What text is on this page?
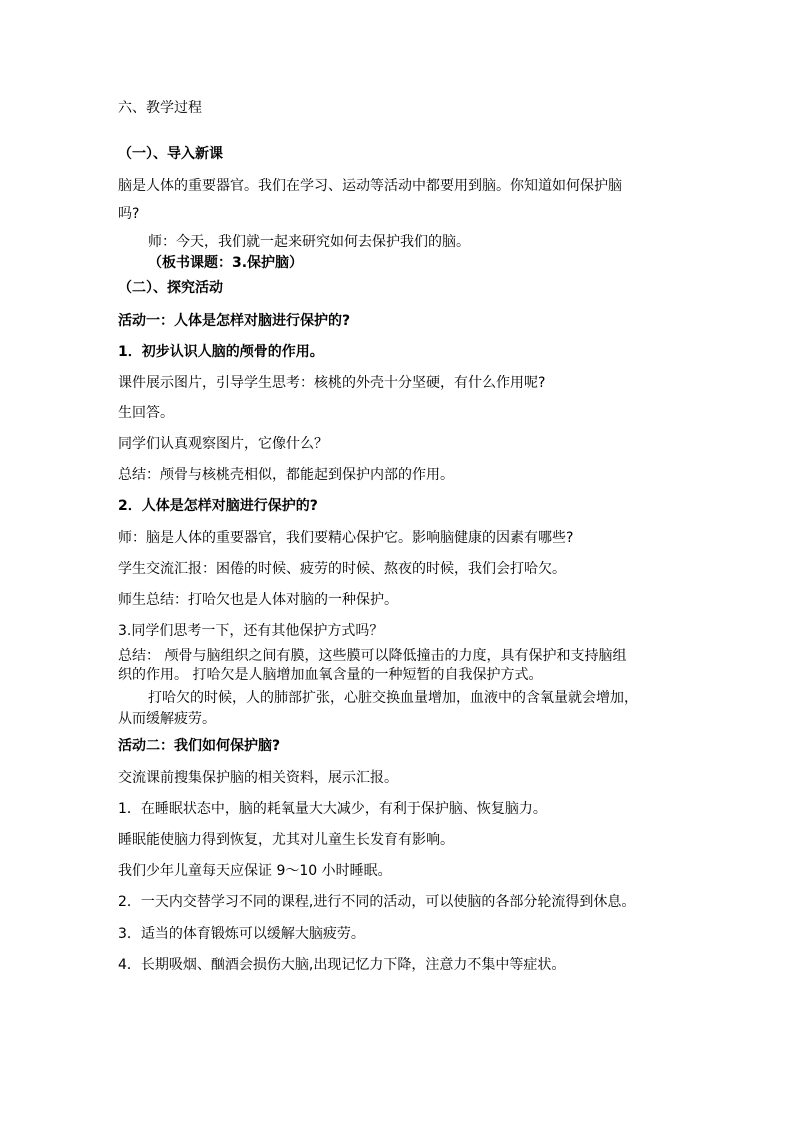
六、教学过程
（一）、导入新课
脑是人体的重要器官。我们在学习、运动等活动中都要用到脑。你知道如何保护脑
吗?
师：今天，我们就一起来研究如何去保护我们的脑。
（板书课题：3.保护脑）
（二）、探究活动
活动一：人体是怎样对脑进行保护的?
1．初步认识人脑的颅骨的作用。
课件展示图片，引导学生思考：核桃的外壳十分坚硬，有什么作用呢?
生回答。
同学们认真观察图片，它像什么？
总结：颅骨与核桃壳相似，都能起到保护内部的作用。
2．人体是怎样对脑进行保护的?
师：脑是人体的重要器官，我们要精心保护它。影响脑健康的因素有哪些?
学生交流汇报：困倦的时候、疲劳的时候、熬夜的时候，我们会打哈欠。
师生总结：打哈欠也是人体对脑的一种保护。
3.同学们思考一下，还有其他保护方式吗？
总结： 颅骨与脑组织之间有膜，这些膜可以降低撞击的力度，具有保护和支持脑组
织的作用。 打哈欠是人脑增加血氧含量的一种短暂的自我保护方式。
打哈欠的时候，人的肺部扩张，心脏交换血量增加，血液中的含氧量就会增加，
从而缓解疲劳。
活动二：我们如何保护脑?
交流课前搜集保护脑的相关资料，展示汇报。
1．在睡眠状态中，脑的耗氧量大大减少，有利于保护脑、恢复脑力。
睡眠能使脑力得到恢复，尤其对儿童生长发育有影响。
我们少年儿童每天应保证 9～10 小时睡眠。
2．一天内交替学习不同的课程,进行不同的活动，可以使脑的各部分轮流得到休息。
3．适当的体育锻炼可以缓解大脑疲劳。
4．长期吸烟、酗酒会损伤大脑,出现记忆力下降，注意力不集中等症状。
